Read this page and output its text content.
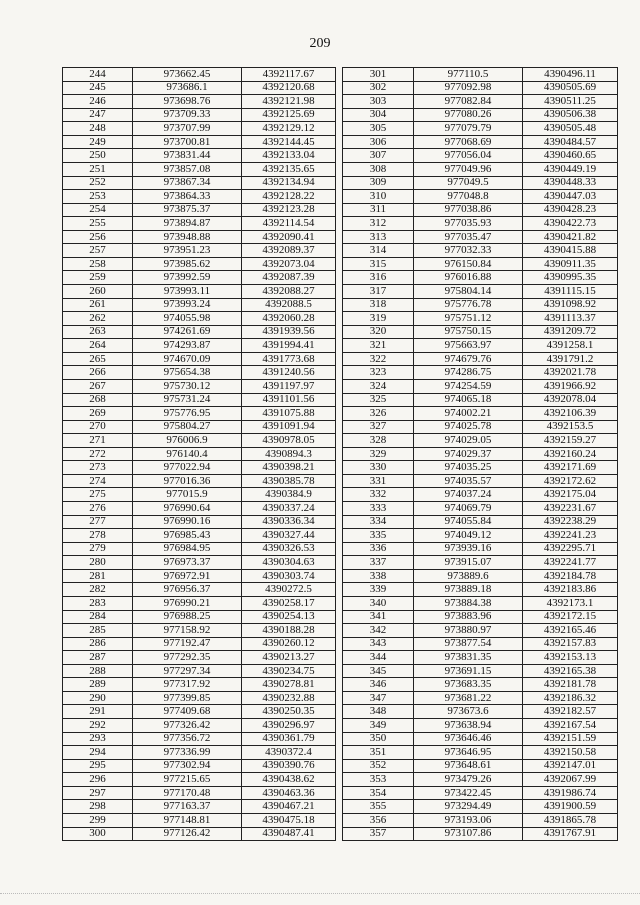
209
244	973662.45	4392117.67
245	973686.1	4392120.68
246	973698.76	4392121.98
247	973709.33	4392125.69
248	973707.99	4392129.12
249	973700.81	4392144.45
250	973831.44	4392133.04
251	973857.08	4392135.65
252	973867.34	4392134.94
253	973864.33	4392128.22
254	973875.37	4392123.28
255	973894.87	4392114.54
256	973948.88	4392090.41
257	973951.23	4392089.37
258	973985.62	4392073.04
259	973992.59	4392087.39
260	973993.11	4392088.27
261	973993.24	4392088.5
262	974055.98	4392060.28
263	974261.69	4391939.56
264	974293.87	4391994.41
265	974670.09	4391773.68
266	975654.38	4391240.56
267	975730.12	4391197.97
268	975731.24	4391101.56
269	975776.95	4391075.88
270	975804.27	4391091.94
271	976006.9	4390978.05
272	976140.4	4390894.3
273	977022.94	4390398.21
274	977016.36	4390385.78
275	977015.9	4390384.9
276	976990.64	4390337.24
277	976990.16	4390336.34
278	976985.43	4390327.44
279	976984.95	4390326.53
280	976973.37	4390304.63
281	976972.91	4390303.74
282	976956.37	4390272.5
283	976990.21	4390258.17
284	976988.25	4390254.13
285	977158.92	4390188.28
286	977192.47	4390260.12
287	977292.35	4390213.27
288	977297.34	4390234.75
289	977317.92	4390278.81
290	977399.85	4390232.88
291	977409.68	4390250.35
292	977326.42	4390296.97
293	977356.72	4390361.79
294	977336.99	4390372.4
295	977302.94	4390390.76
296	977215.65	4390438.62
297	977170.48	4390463.36
298	977163.37	4390467.21
299	977148.81	4390475.18
300	977126.42	4390487.41
301	977110.5	4390496.11
302	977092.98	4390505.69
303	977082.84	4390511.25
304	977080.26	4390506.38
305	977079.79	4390505.48
306	977068.69	4390484.57
307	977056.04	4390460.65
308	977049.96	4390449.19
309	977049.5	4390448.33
310	977048.8	4390447.03
311	977038.86	4390428.23
312	977035.93	4390422.73
313	977035.47	4390421.82
314	977032.33	4390415.88
315	976150.84	4390911.35
316	976016.88	4390995.35
317	975804.14	4391115.15
318	975776.78	4391098.92
319	975751.12	4391113.37
320	975750.15	4391209.72
321	975663.97	4391258.1
322	974679.76	4391791.2
323	974286.75	4392021.78
324	974254.59	4391966.92
325	974065.18	4392078.04
326	974002.21	4392106.39
327	974025.78	4392153.5
328	974029.05	4392159.27
329	974029.37	4392160.24
330	974035.25	4392171.69
331	974035.57	4392172.62
332	974037.24	4392175.04
333	974069.79	4392231.67
334	974055.84	4392238.29
335	974049.12	4392241.23
336	973939.16	4392295.71
337	973915.07	4392241.77
338	973889.6	4392184.78
339	973889.18	4392183.86
340	973884.38	4392173.1
341	973883.96	4392172.15
342	973880.97	4392165.46
343	973877.54	4392157.83
344	973831.35	4392153.13
345	973691.15	4392165.38
346	973683.35	4392181.78
347	973681.22	4392186.32
348	973673.6	4392182.57
349	973638.94	4392167.54
350	973646.46	4392151.59
351	973646.95	4392150.58
352	973648.61	4392147.01
353	973479.26	4392067.99
354	973422.45	4391986.74
355	973294.49	4391900.59
356	973193.06	4391865.78
357	973107.86	4391767.91
